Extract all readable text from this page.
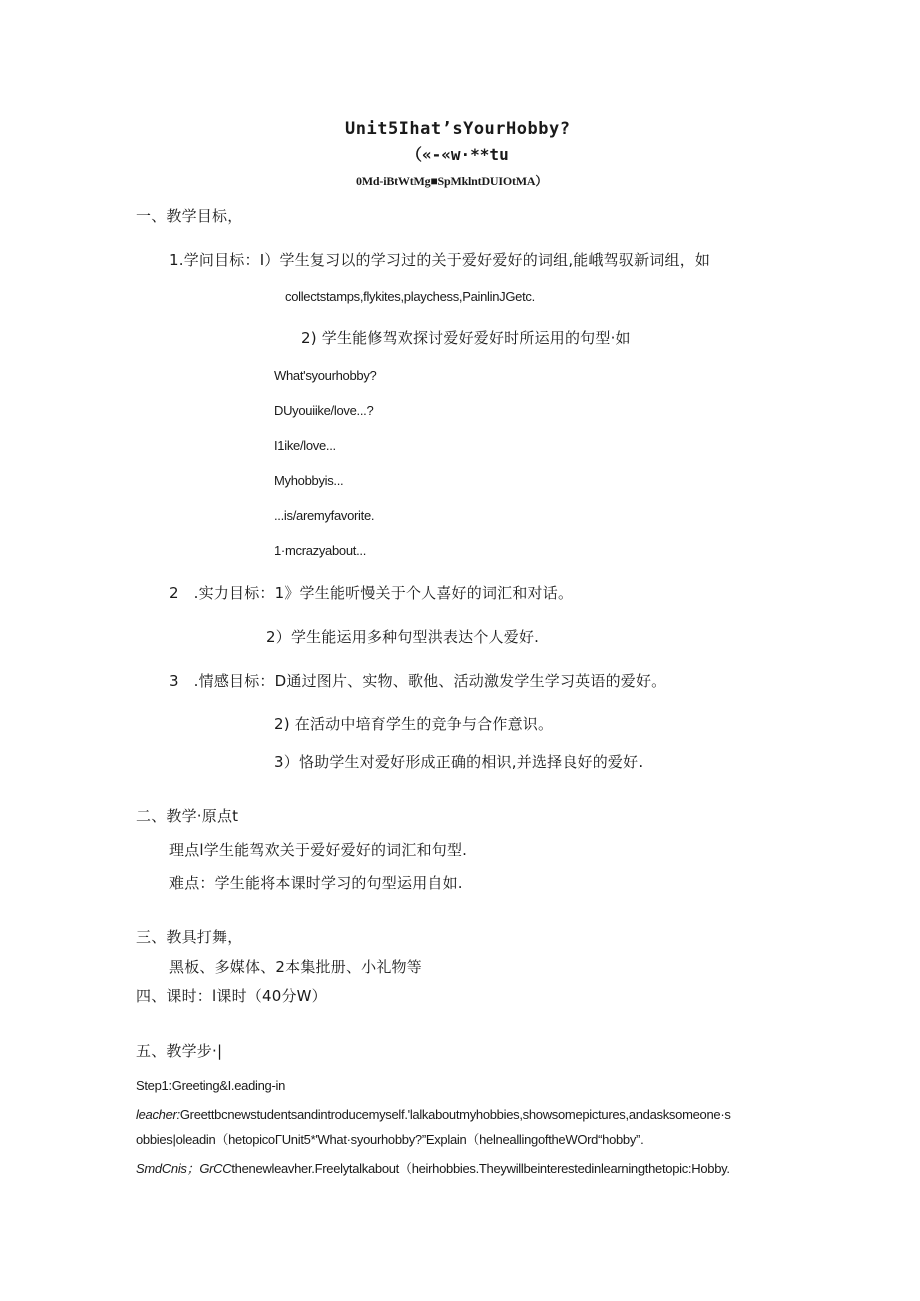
Unit5Ihat’sYourHobby?
（«-«w·**tu
0Md-iBtWtMg■SpMklntDUIOtMA）
一、教学目标，
1.学问目标：I）学生复习以的学习过的关于爱好爱好的词组,能峨驾驭新词组，如
collectstamps,flykites,playchess,PainlinJGetc.
2) 学生能修驾欢探讨爱好爱好时所运用的句型·如
What'syourhobby?
DUyouiike/love...?
I1ike/love...
Myhobbyis...
...is/aremyfavorite.
1·mcrazyabout...
2   .实力目标：1》学生能听慢关于个人喜好的词汇和对话。
2）学生能运用多种句型洪表达个人爱好.
3   .情感目标：D通过图片、实物、歌他、活动激发学生学习英语的爱好。
2) 在活动中培育学生的竞争与合作意识。
3）恪助学生对爱好形成正确的相识,并选择良好的爱好.
二、教学·原点t
理点l学生能驾欢关于爱好爱好的词汇和句型.
难点：学生能将本课时学习的句型运用自如.
三、教具打舞，
黑板、多媒体、2本集批册、小礼物等
四、课时：l课时（40分W）
五、教学步·|
Step1:Greeting&I.eading-in
leacher:Greettbcnewstudentsandintroducemyself.'lalkaboutmyhobbies,showsomepictures,andasksomeone·s
obbies|oleadin（hetopicoΓUnit5*'What·syourhobby?”Explain（helneallingoftheWOrd“hobby”.
SmdCnis；GrCCthenewleavher.Freelytalkabout（heirhobbies.Theywillbeinterestedinlearningthetopic:Hobby.
